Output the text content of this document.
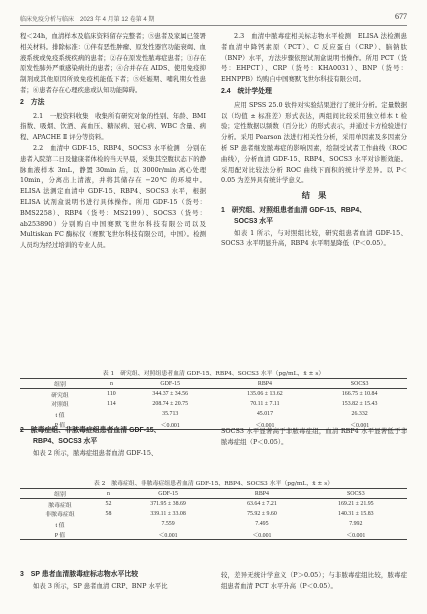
临床免疫分析与临床　2023 年 4 月第 12 卷第 4 期	677

程＜24h，血清样本及临床资料留存完整者；⑤患者及家属已签署相关材料。排除标准：①伴有恶性肿瘤、原发性器官功能衰竭、血液系统或免疫系统疾病的患者；②存在原发性脓毒症患者；③存在原发性肺外严重感染病灶的患者；④合并存在 AIDS、使用免疫抑制剂或其他原因所致免疫机能低下者；⑤妊娠期、哺乳期女性患者；⑥患者存在心理疾患或认知功能障碍。

2　方法

2.1　一般资料收集　收集所有研究对象的性别、年龄、BMI 指数、吸烟、饮酒、高血压、糖尿病、冠心病、WBC 含量、病程、APACHE Ⅱ 评分等资料。

2.2　血清中 GDF-15、RBP4、SOCS3 水平检测　分别在患者入院第二日及健康者体检的当天早晨，采集其空腹状态下的静脉血液样本 3mL，静置 30min 后，以 3000r/min 离心处理 10min，分离出上清液，并将其储存在 −20℃ 的环境中。ELISA 法测定血清中 GDF-15、RBP4、SOCS3 水平，根据 ELISA 试剂盒说明书进行具体操作。所用 GDF-15（货号：BMS2258）、RBP4（货号：MS2199）、SOCS3（货号：ab253890）分别购自中国赛默飞世尔科技有限公司以及 Multiskan FC 酶标仪（赛默飞世尔科技有限公司，中国）。检测人员均为经过培训的专业人员。

2.3　血清中脓毒症相关标志物水平检测　ELISA 法检测患者血清中降钙素原（PCT）、C 反应蛋白（CRP）、脑钠肽（BNP）水平，方法步骤依照试剂盒说明书操作。所用 PCT（货号：EHPCT）、CRP（货号：KHA0031）、BNP（货号：EHNPPB）均购自中国赛默飞世尔科技有限公司。

2.4　统计学处理

应用 SPSS 25.0 软件对实验结果进行了统计分析。定量数据以（均值 ± 标准差）形式表达，两组间比较采用独立样本 t 检验；定性数据以频数（百分比）的形式表示，并通过卡方检验进行分析。采用 Pearson 法进行相关性分析，采用单因素及多因素分析 SP 患者继发脓毒症的影响因素，绘制受试者工作曲线（ROC 曲线），分析血清 GDF-15、RBP4、SOCS3 水平对诊断效能。采用配对比较法分析 ROC 曲线下面积的统计学差异。以 P＜0.05 为差异具有统计学意义。

结　果
1　研究组、对照组患者血清 GDF-15、RBP4、
SOCS3 水平

如表 1 所示，与对照组比较，研究组患者血清 GDF-15、SOCS3 水平明显升高，RBP4 水平明显降低（P＜0.05）。

表 1　研究组、对照组患者血清 GDF-15、RBP4、SOCS3 水平（pg/mL，x̄ ± s）
组别	n	GDF-15	RBP4	SOCS3
研究组	110	344.37 ± 34.56	135.06 ± 13.62	166.75 ± 10.84
对照组	114	208.74 ± 20.75	70.11 ± 7.11	153.82 ± 15.43
t 值		35.713	45.017	26.332
P 值		＜0.001	＜0.001	＜0.001
2　脓毒症组、非脓毒症组患者血清 GDF-15、
RBP4、SOCS3 水平

如表 2 所示，脓毒症组患者血清 GDF-15、

SOCS3 水平显著高于非脓毒症组，血清 RBP4 水平显著低于非脓毒症组（P＜0.05）。

表 2　脓毒症组、非脓毒症组患者血清 GDF-15、RBP4、SOCS3 水平（pg/mL，x̄ ± s）
组别	n	GDF-15	RBP4	SOCS3
脓毒症组	52	371.95 ± 38.69	63.64 ± 7.21	169.21 ± 21.95
非脓毒症组	58	339.11 ± 33.08	75.92 ± 9.60	140.31 ± 15.83
t 值		7.559	7.495	7.992
P 值		＜0.001	＜0.001	＜0.001
3　SP 患者血清脓毒症标志物水平比较

如表 3 所示，SP 患者血清 CRP、BNP 水平比

较，差异无统计学意义（P＞0.05）；与非脓毒症组比较，脓毒症组患者血清 PCT 水平升高（P＜0.05）。
